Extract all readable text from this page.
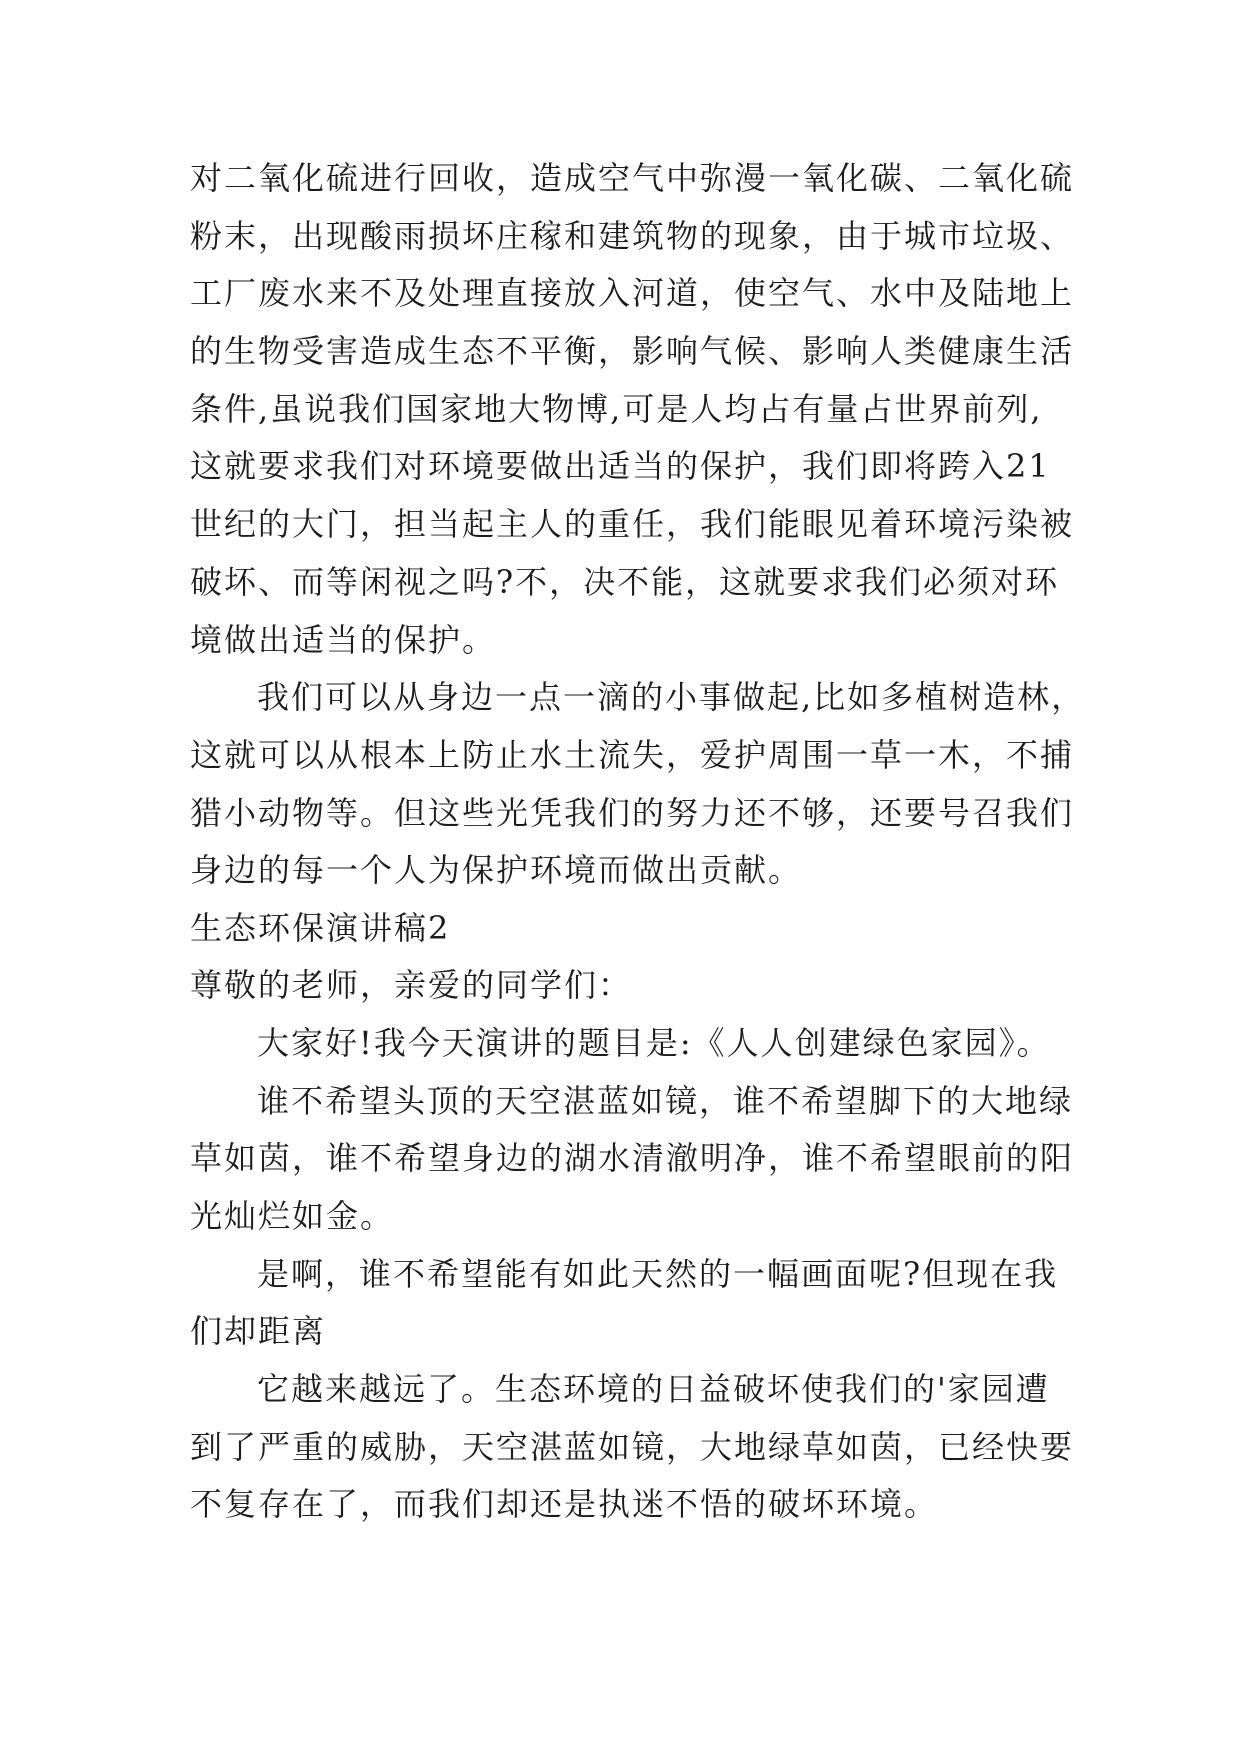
对二氧化硫进行回收，造成空气中弥漫一氧化碳、二氧化硫
粉末，出现酸雨损坏庄稼和建筑物的现象，由于城市垃圾、
工厂废水来不及处理直接放入河道，使空气、水中及陆地上
的生物受害造成生态不平衡，影响气候、影响人类健康生活
条件,虽说我们国家地大物博,可是人均占有量占世界前列,
这就要求我们对环境要做出适当的保护，我们即将跨入21
世纪的大门，担当起主人的重任，我们能眼见着环境污染被
破坏、而等闲视之吗?不，决不能，这就要求我们必须对环
境做出适当的保护。
我们可以从身边一点一滴的小事做起,比如多植树造林，
这就可以从根本上防止水土流失，爱护周围一草一木，不捕
猎小动物等。但这些光凭我们的努力还不够，还要号召我们
身边的每一个人为保护环境而做出贡献。
生态环保演讲稿2
尊敬的老师，亲爱的同学们：
大家好!我今天演讲的题目是:《人人创建绿色家园》。
谁不希望头顶的天空湛蓝如镜，谁不希望脚下的大地绿
草如茵，谁不希望身边的湖水清澈明净，谁不希望眼前的阳
光灿烂如金。
是啊，谁不希望能有如此天然的一幅画面呢?但现在我
们却距离
它越来越远了。生态环境的日益破坏使我们的'家园遭
到了严重的威胁，天空湛蓝如镜，大地绿草如茵，已经快要
不复存在了，而我们却还是执迷不悟的破坏环境。
